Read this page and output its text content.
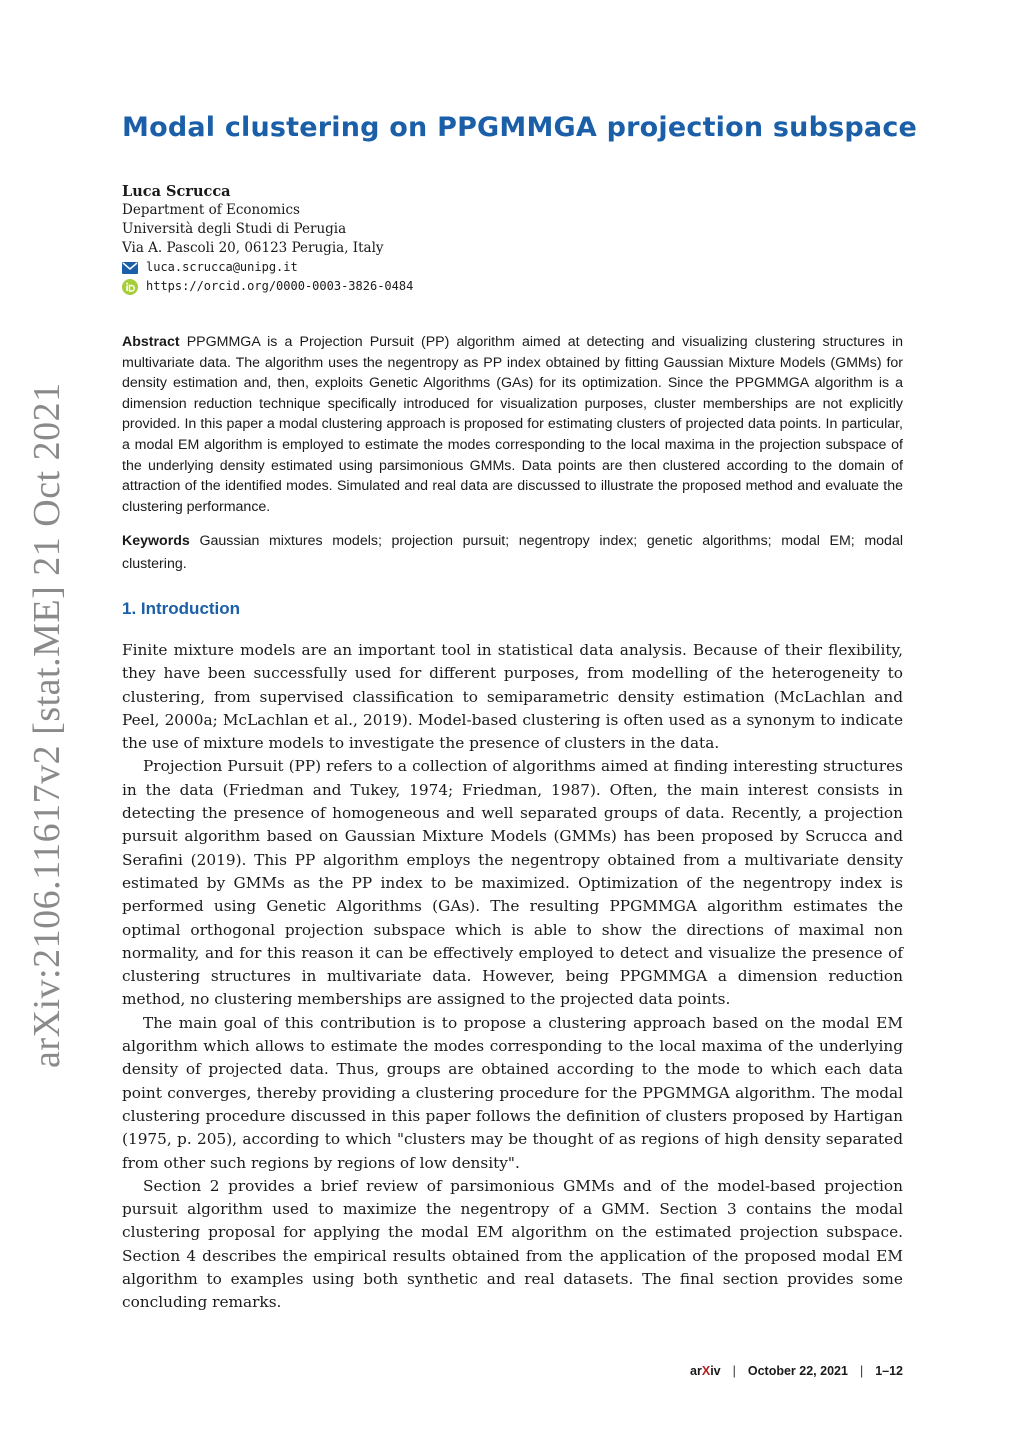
Modal clustering on PPGMMGA projection subspace
Luca Scrucca
Department of Economics
Università degli Studi di Perugia
Via A. Pascoli 20, 06123 Perugia, Italy
luca.scrucca@unipg.it
https://orcid.org/0000-0003-3826-0484

Abstract PPGMMGA is a Projection Pursuit (PP) algorithm aimed at detecting and visualizing clustering structures in multivariate data. The algorithm uses the negentropy as PP index obtained by fitting Gaussian Mixture Models (GMMs) for density estimation and, then, exploits Genetic Algorithms (GAs) for its optimization. Since the PPGMMGA algorithm is a dimension reduction technique specifically introduced for visualization purposes, cluster memberships are not explicitly provided. In this paper a modal clustering approach is proposed for estimating clusters of projected data points. In particular, a modal EM algorithm is employed to estimate the modes corresponding to the local maxima in the projection subspace of the underlying density estimated using parsimonious GMMs. Data points are then clustered according to the domain of attraction of the identified modes. Simulated and real data are discussed to illustrate the proposed method and evaluate the clustering performance.

Keywords Gaussian mixtures models; projection pursuit; negentropy index; genetic algorithms; modal EM; modal clustering.

1. Introduction

Finite mixture models are an important tool in statistical data analysis. Because of their flexibility, they have been successfully used for different purposes, from modelling of the heterogeneity to clustering, from supervised classification to semiparametric density estimation (McLachlan and Peel, 2000a; McLachlan et al., 2019). Model-based clustering is often used as a synonym to indicate the use of mixture models to investigate the presence of clusters in the data.

Projection Pursuit (PP) refers to a collection of algorithms aimed at finding interesting structures in the data (Friedman and Tukey, 1974; Friedman, 1987). Often, the main interest consists in detecting the presence of homogeneous and well separated groups of data. Recently, a projection pursuit algorithm based on Gaussian Mixture Models (GMMs) has been proposed by Scrucca and Serafini (2019). This PP algorithm employs the negentropy obtained from a multivariate density estimated by GMMs as the PP index to be maximized. Optimization of the negentropy index is performed using Genetic Algorithms (GAs). The resulting PPGMMGA algorithm estimates the optimal orthogonal projection subspace which is able to show the directions of maximal non normality, and for this reason it can be effectively employed to detect and visualize the presence of clustering structures in multivariate data. However, being PPGMMGA a dimension reduction method, no clustering memberships are assigned to the projected data points.

The main goal of this contribution is to propose a clustering approach based on the modal EM algorithm which allows to estimate the modes corresponding to the local maxima of the underlying density of projected data. Thus, groups are obtained according to the mode to which each data point converges, thereby providing a clustering procedure for the PPGMMGA algorithm. The modal clustering procedure discussed in this paper follows the definition of clusters proposed by Hartigan (1975, p. 205), according to which "clusters may be thought of as regions of high density separated from other such regions by regions of low density".

Section 2 provides a brief review of parsimonious GMMs and of the model-based projection pursuit algorithm used to maximize the negentropy of a GMM. Section 3 contains the modal clustering proposal for applying the modal EM algorithm on the estimated projection subspace. Section 4 describes the empirical results obtained from the application of the proposed modal EM algorithm to examples using both synthetic and real datasets. The final section provides some concluding remarks.

arXiv:2106.11617v2 [stat.ME] 21 Oct 2021
arXiv | October 22, 2021 | 1–12
